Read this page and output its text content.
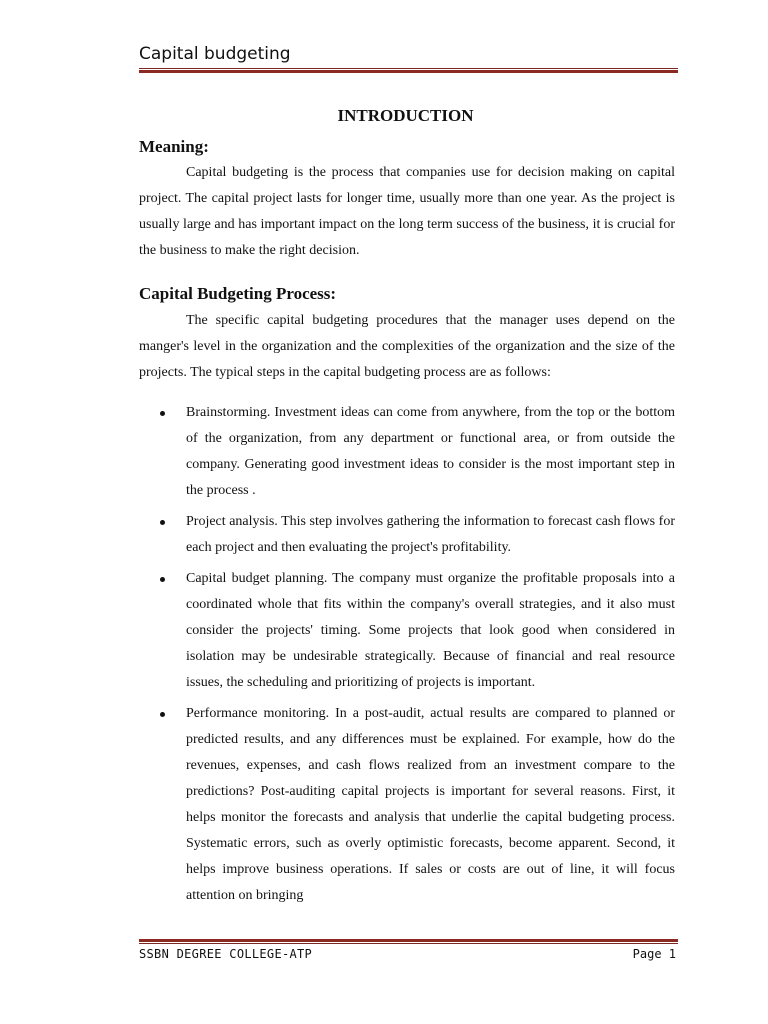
Capital budgeting
INTRODUCTION
Meaning:

Capital budgeting is the process that companies use for decision making on capital project. The capital project lasts for longer time, usually more than one year. As the project is usually large and has important impact on the long term success of the business, it is crucial for the business to make the right decision.

Capital Budgeting Process:

The specific capital budgeting procedures that the manager uses depend on the manger's level in the organization and the complexities of the organization and the size of the projects. The typical steps in the capital budgeting process are as follows:

Brainstorming. Investment ideas can come from anywhere, from the top or the bottom of the organization, from any department or functional area, or from outside the company. Generating good investment ideas to consider is the most important step in the process .
Project analysis. This step involves gathering the information to forecast cash flows for each project and then evaluating the project's profitability.
Capital budget planning. The company must organize the profitable proposals into a coordinated whole that fits within the company's overall strategies, and it also must consider the projects' timing. Some projects that look good when considered in isolation may be undesirable strategically. Because of financial and real resource issues, the scheduling and prioritizing of projects is important.
Performance monitoring. In a post-audit, actual results are compared to planned or predicted results, and any differences must be explained. For example, how do the revenues, expenses, and cash flows realized from an investment compare to the predictions? Post-auditing capital projects is important for several reasons. First, it helps monitor the forecasts and analysis that underlie the capital budgeting process. Systematic errors, such as overly optimistic forecasts, become apparent. Second, it helps improve business operations. If sales or costs are out of line, it will focus attention on bringing
SSBN DEGREE COLLEGE-ATP	Page 1
